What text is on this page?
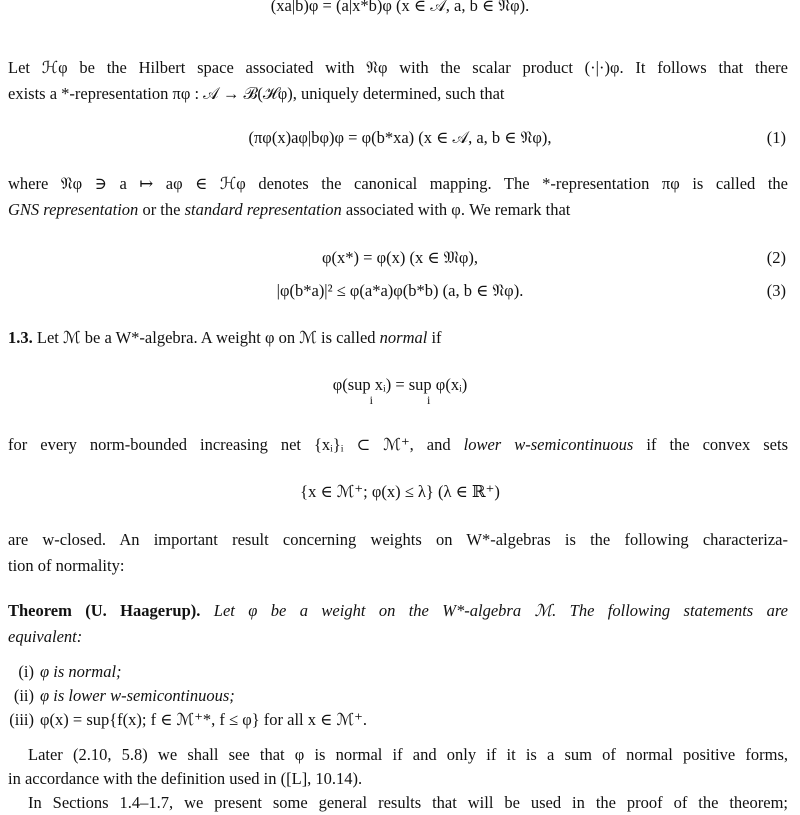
(xa|b)φ = (a|x*b)φ (x ∈ 𝒜, a, b ∈ 𝔑φ).
Let ℋφ be the Hilbert space associated with 𝔑φ with the scalar product (·|·)φ. It follows that there
exists a *-representation πφ : 𝒜 → ℬ(ℋφ), uniquely determined, such that
(πφ(x)aφ|bφ)φ = φ(b*xa) (x ∈ 𝒜, a, b ∈ 𝔑φ),	(1)
where 𝔑φ ∋ a ↦ aφ ∈ ℋφ denotes the canonical mapping. The *-representation πφ is called the
GNS representation or the standard representation associated with φ. We remark that
φ(x*) = φ(x) (x ∈ 𝔐φ),	(2)
|φ(b*a)|² ≤ φ(a*a)φ(b*b) (a, b ∈ 𝔑φ).	(3)
1.3. Let ℳ be a W*-algebra. A weight φ on ℳ is called normal if
φ(sup xᵢ) = sup φ(xᵢ)
i                  i
for every norm-bounded increasing net {xᵢ}ᵢ ⊂ ℳ⁺, and lower w-semicontinuous if the convex sets
{x ∈ ℳ⁺; φ(x) ≤ λ} (λ ∈ ℝ⁺)
are w-closed. An important result concerning weights on W*-algebras is the following characteriza-
tion of normality:
Theorem (U. Haagerup). Let φ be a weight on the W*-algebra ℳ. The following statements are
equivalent:
(i) φ is normal;
(ii) φ is lower w-semicontinuous;
(iii) φ(x) = sup{f(x); f ∈ ℳ⁺*, f ≤ φ} for all x ∈ ℳ⁺.
Later (2.10, 5.8) we shall see that φ is normal if and only if it is a sum of normal positive forms,
in accordance with the definition used in ([L], 10.14).
In Sections 1.4–1.7, we present some general results that will be used in the proof of the theorem;
